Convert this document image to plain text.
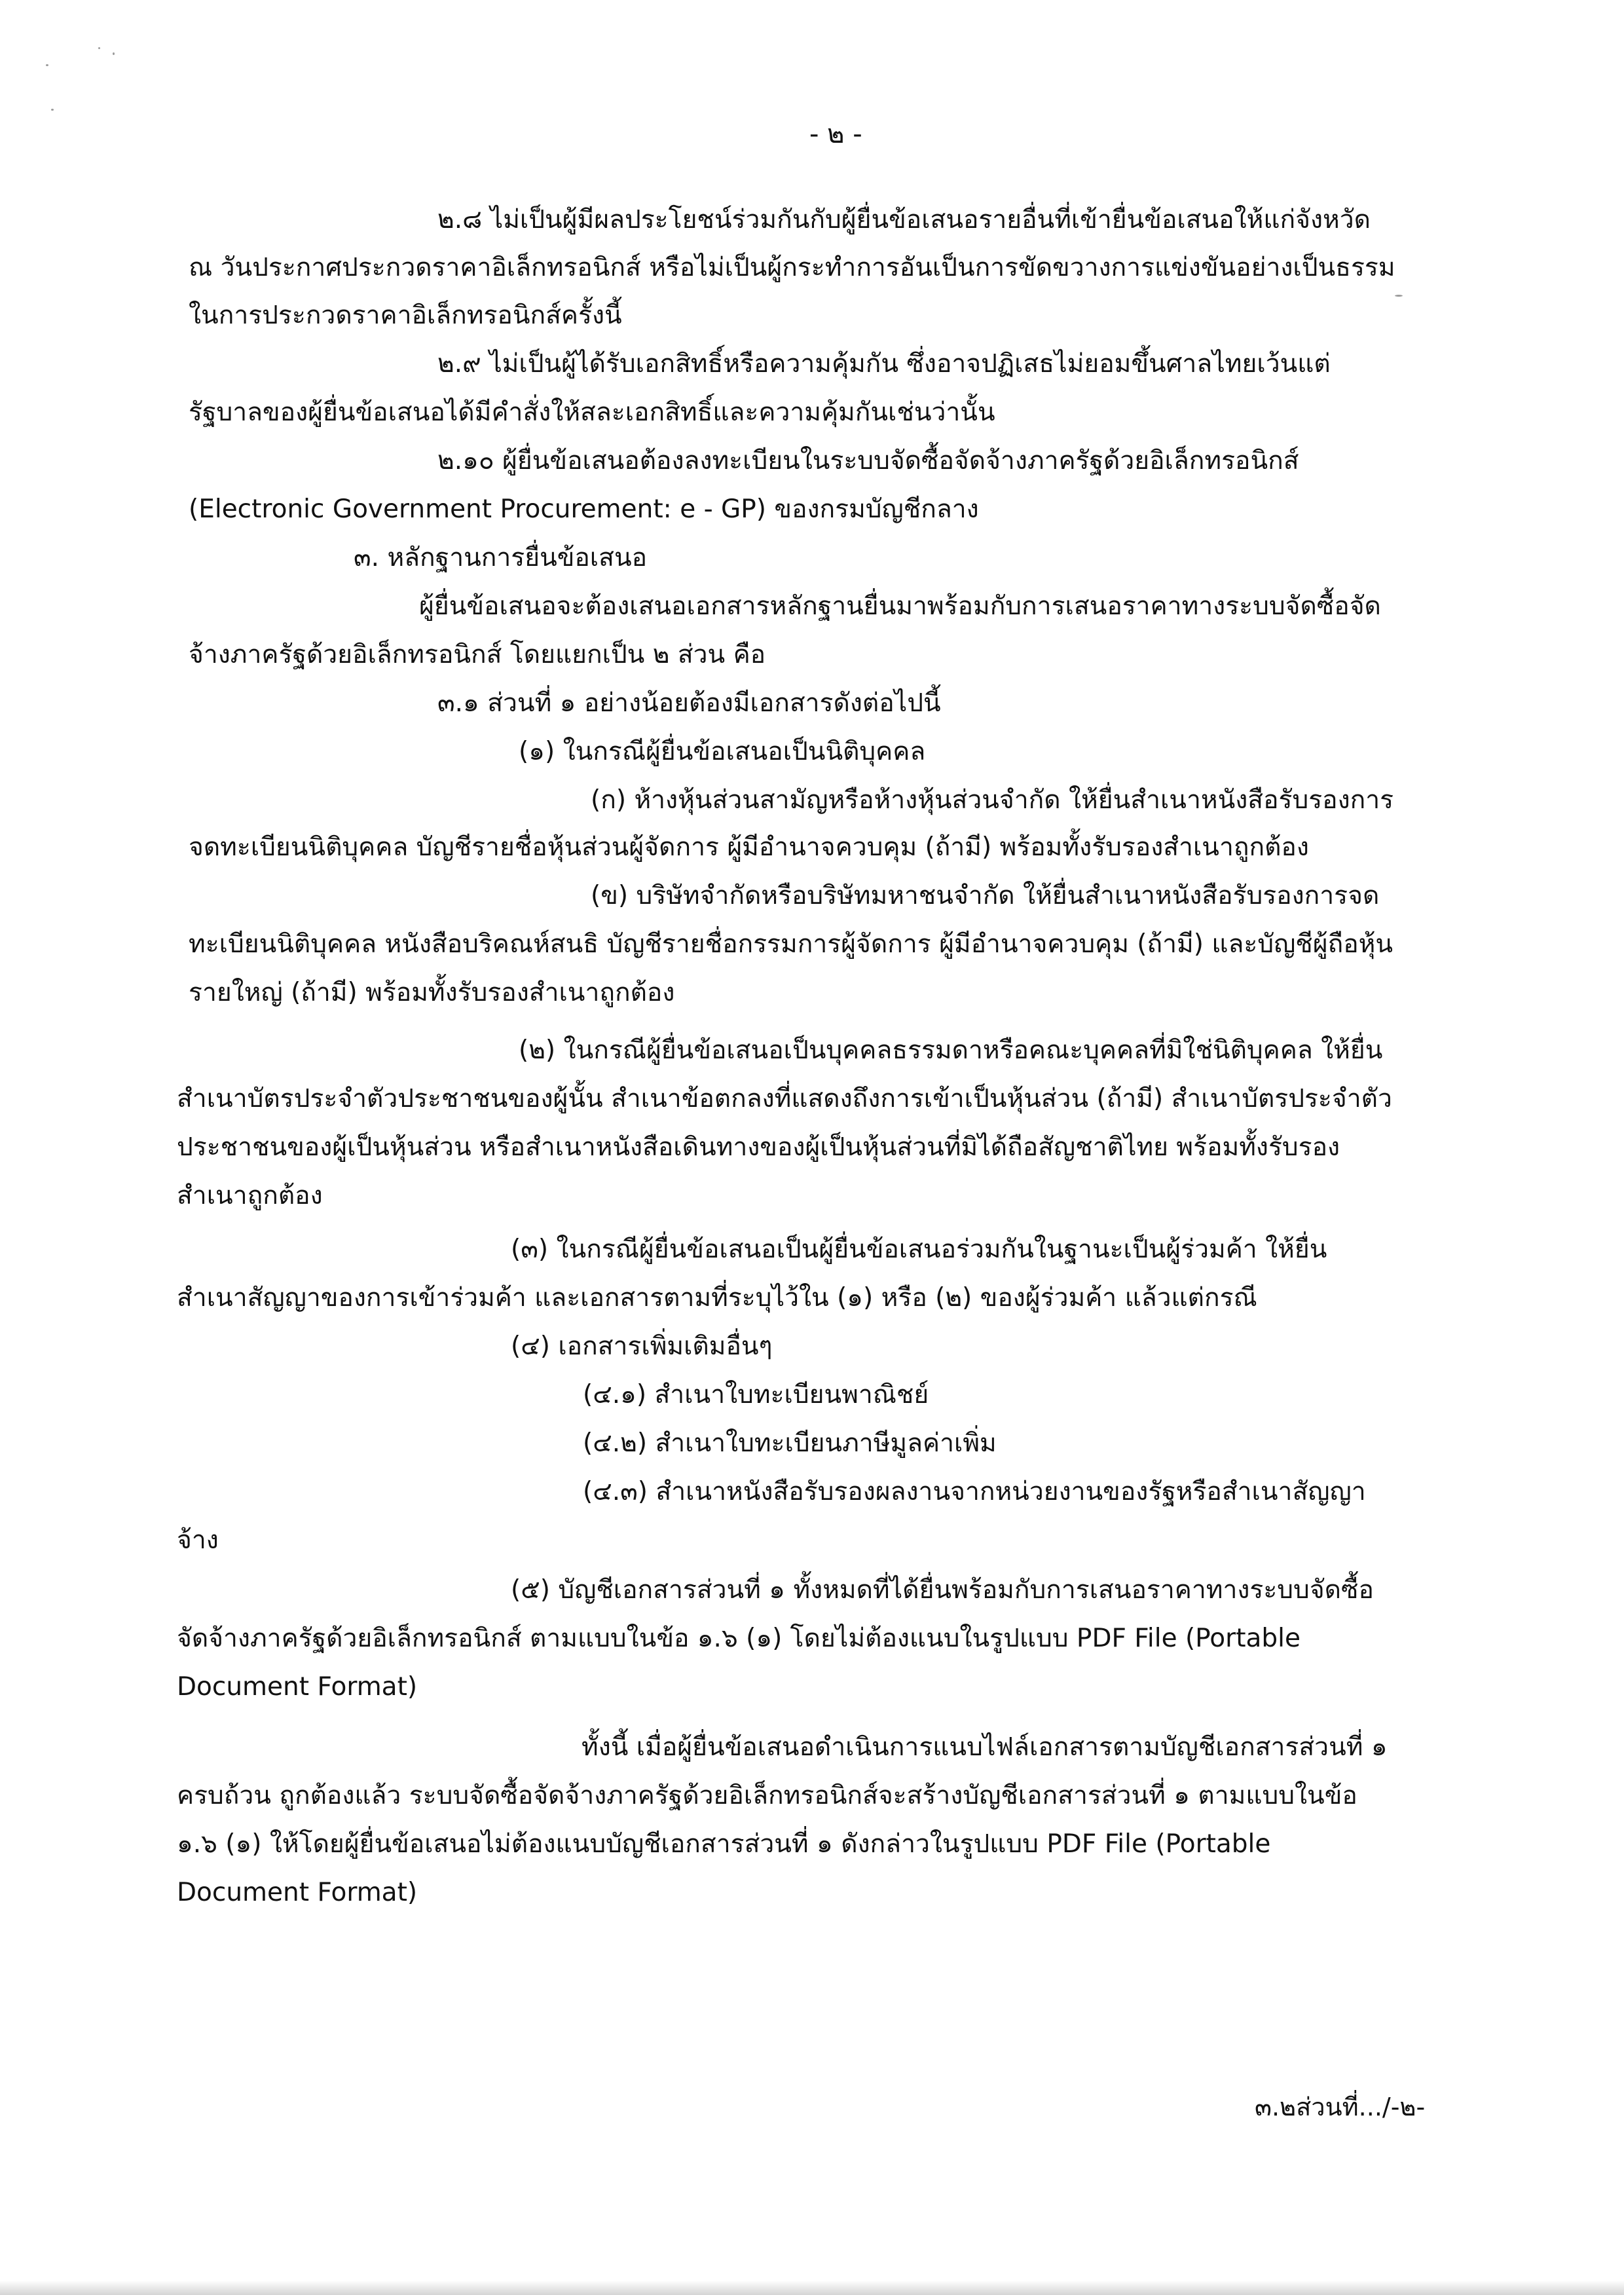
- ๒ -
๒.๘ ไม่เป็นผู้มีผลประโยชน์ร่วมกันกับผู้ยื่นข้อเสนอรายอื่นที่เข้ายื่นข้อเสนอให้แก่จังหวัด
ณ วันประกาศประกวดราคาอิเล็กทรอนิกส์ หรือไม่เป็นผู้กระทำการอันเป็นการขัดขวางการแข่งขันอย่างเป็นธรรม
ในการประกวดราคาอิเล็กทรอนิกส์ครั้งนี้
๒.๙ ไม่เป็นผู้ได้รับเอกสิทธิ์หรือความคุ้มกัน ซึ่งอาจปฏิเสธไม่ยอมขึ้นศาลไทยเว้นแต่
รัฐบาลของผู้ยื่นข้อเสนอได้มีคำสั่งให้สละเอกสิทธิ์และความคุ้มกันเช่นว่านั้น
๒.๑๐ ผู้ยื่นข้อเสนอต้องลงทะเบียนในระบบจัดซื้อจัดจ้างภาครัฐด้วยอิเล็กทรอนิกส์
(Electronic Government Procurement: e - GP) ของกรมบัญชีกลาง
๓. หลักฐานการยื่นข้อเสนอ
ผู้ยื่นข้อเสนอจะต้องเสนอเอกสารหลักฐานยื่นมาพร้อมกับการเสนอราคาทางระบบจัดซื้อจัด
จ้างภาครัฐด้วยอิเล็กทรอนิกส์ โดยแยกเป็น ๒ ส่วน คือ
๓.๑ ส่วนที่ ๑ อย่างน้อยต้องมีเอกสารดังต่อไปนี้
(๑) ในกรณีผู้ยื่นข้อเสนอเป็นนิติบุคคล
(ก) ห้างหุ้นส่วนสามัญหรือห้างหุ้นส่วนจำกัด ให้ยื่นสำเนาหนังสือรับรองการ
จดทะเบียนนิติบุคคล บัญชีรายชื่อหุ้นส่วนผู้จัดการ ผู้มีอำนาจควบคุม (ถ้ามี) พร้อมทั้งรับรองสำเนาถูกต้อง
(ข) บริษัทจำกัดหรือบริษัทมหาชนจำกัด ให้ยื่นสำเนาหนังสือรับรองการจด
ทะเบียนนิติบุคคล หนังสือบริคณห์สนธิ บัญชีรายชื่อกรรมการผู้จัดการ ผู้มีอำนาจควบคุม (ถ้ามี) และบัญชีผู้ถือหุ้น
รายใหญ่ (ถ้ามี) พร้อมทั้งรับรองสำเนาถูกต้อง
(๒) ในกรณีผู้ยื่นข้อเสนอเป็นบุคคลธรรมดาหรือคณะบุคคลที่มิใช่นิติบุคคล ให้ยื่น
สำเนาบัตรประจำตัวประชาชนของผู้นั้น สำเนาข้อตกลงที่แสดงถึงการเข้าเป็นหุ้นส่วน (ถ้ามี) สำเนาบัตรประจำตัว
ประชาชนของผู้เป็นหุ้นส่วน หรือสำเนาหนังสือเดินทางของผู้เป็นหุ้นส่วนที่มิได้ถือสัญชาติไทย พร้อมทั้งรับรอง
สำเนาถูกต้อง
(๓) ในกรณีผู้ยื่นข้อเสนอเป็นผู้ยื่นข้อเสนอร่วมกันในฐานะเป็นผู้ร่วมค้า ให้ยื่น
สำเนาสัญญาของการเข้าร่วมค้า และเอกสารตามที่ระบุไว้ใน (๑) หรือ (๒) ของผู้ร่วมค้า แล้วแต่กรณี
(๔) เอกสารเพิ่มเติมอื่นๆ
(๔.๑) สำเนาใบทะเบียนพาณิชย์
(๔.๒) สำเนาใบทะเบียนภาษีมูลค่าเพิ่ม
(๔.๓) สำเนาหนังสือรับรองผลงานจากหน่วยงานของรัฐหรือสำเนาสัญญา
จ้าง
(๕) บัญชีเอกสารส่วนที่ ๑ ทั้งหมดที่ได้ยื่นพร้อมกับการเสนอราคาทางระบบจัดซื้อ
จัดจ้างภาครัฐด้วยอิเล็กทรอนิกส์ ตามแบบในข้อ ๑.๖ (๑) โดยไม่ต้องแนบในรูปแบบ PDF File (Portable
Document Format)
ทั้งนี้ เมื่อผู้ยื่นข้อเสนอดำเนินการแนบไฟล์เอกสารตามบัญชีเอกสารส่วนที่ ๑
ครบถ้วน ถูกต้องแล้ว ระบบจัดซื้อจัดจ้างภาครัฐด้วยอิเล็กทรอนิกส์จะสร้างบัญชีเอกสารส่วนที่ ๑ ตามแบบในข้อ
๑.๖ (๑) ให้โดยผู้ยื่นข้อเสนอไม่ต้องแนบบัญชีเอกสารส่วนที่ ๑ ดังกล่าวในรูปแบบ PDF File (Portable
Document Format)
๓.๒ส่วนที่.../-๒-
